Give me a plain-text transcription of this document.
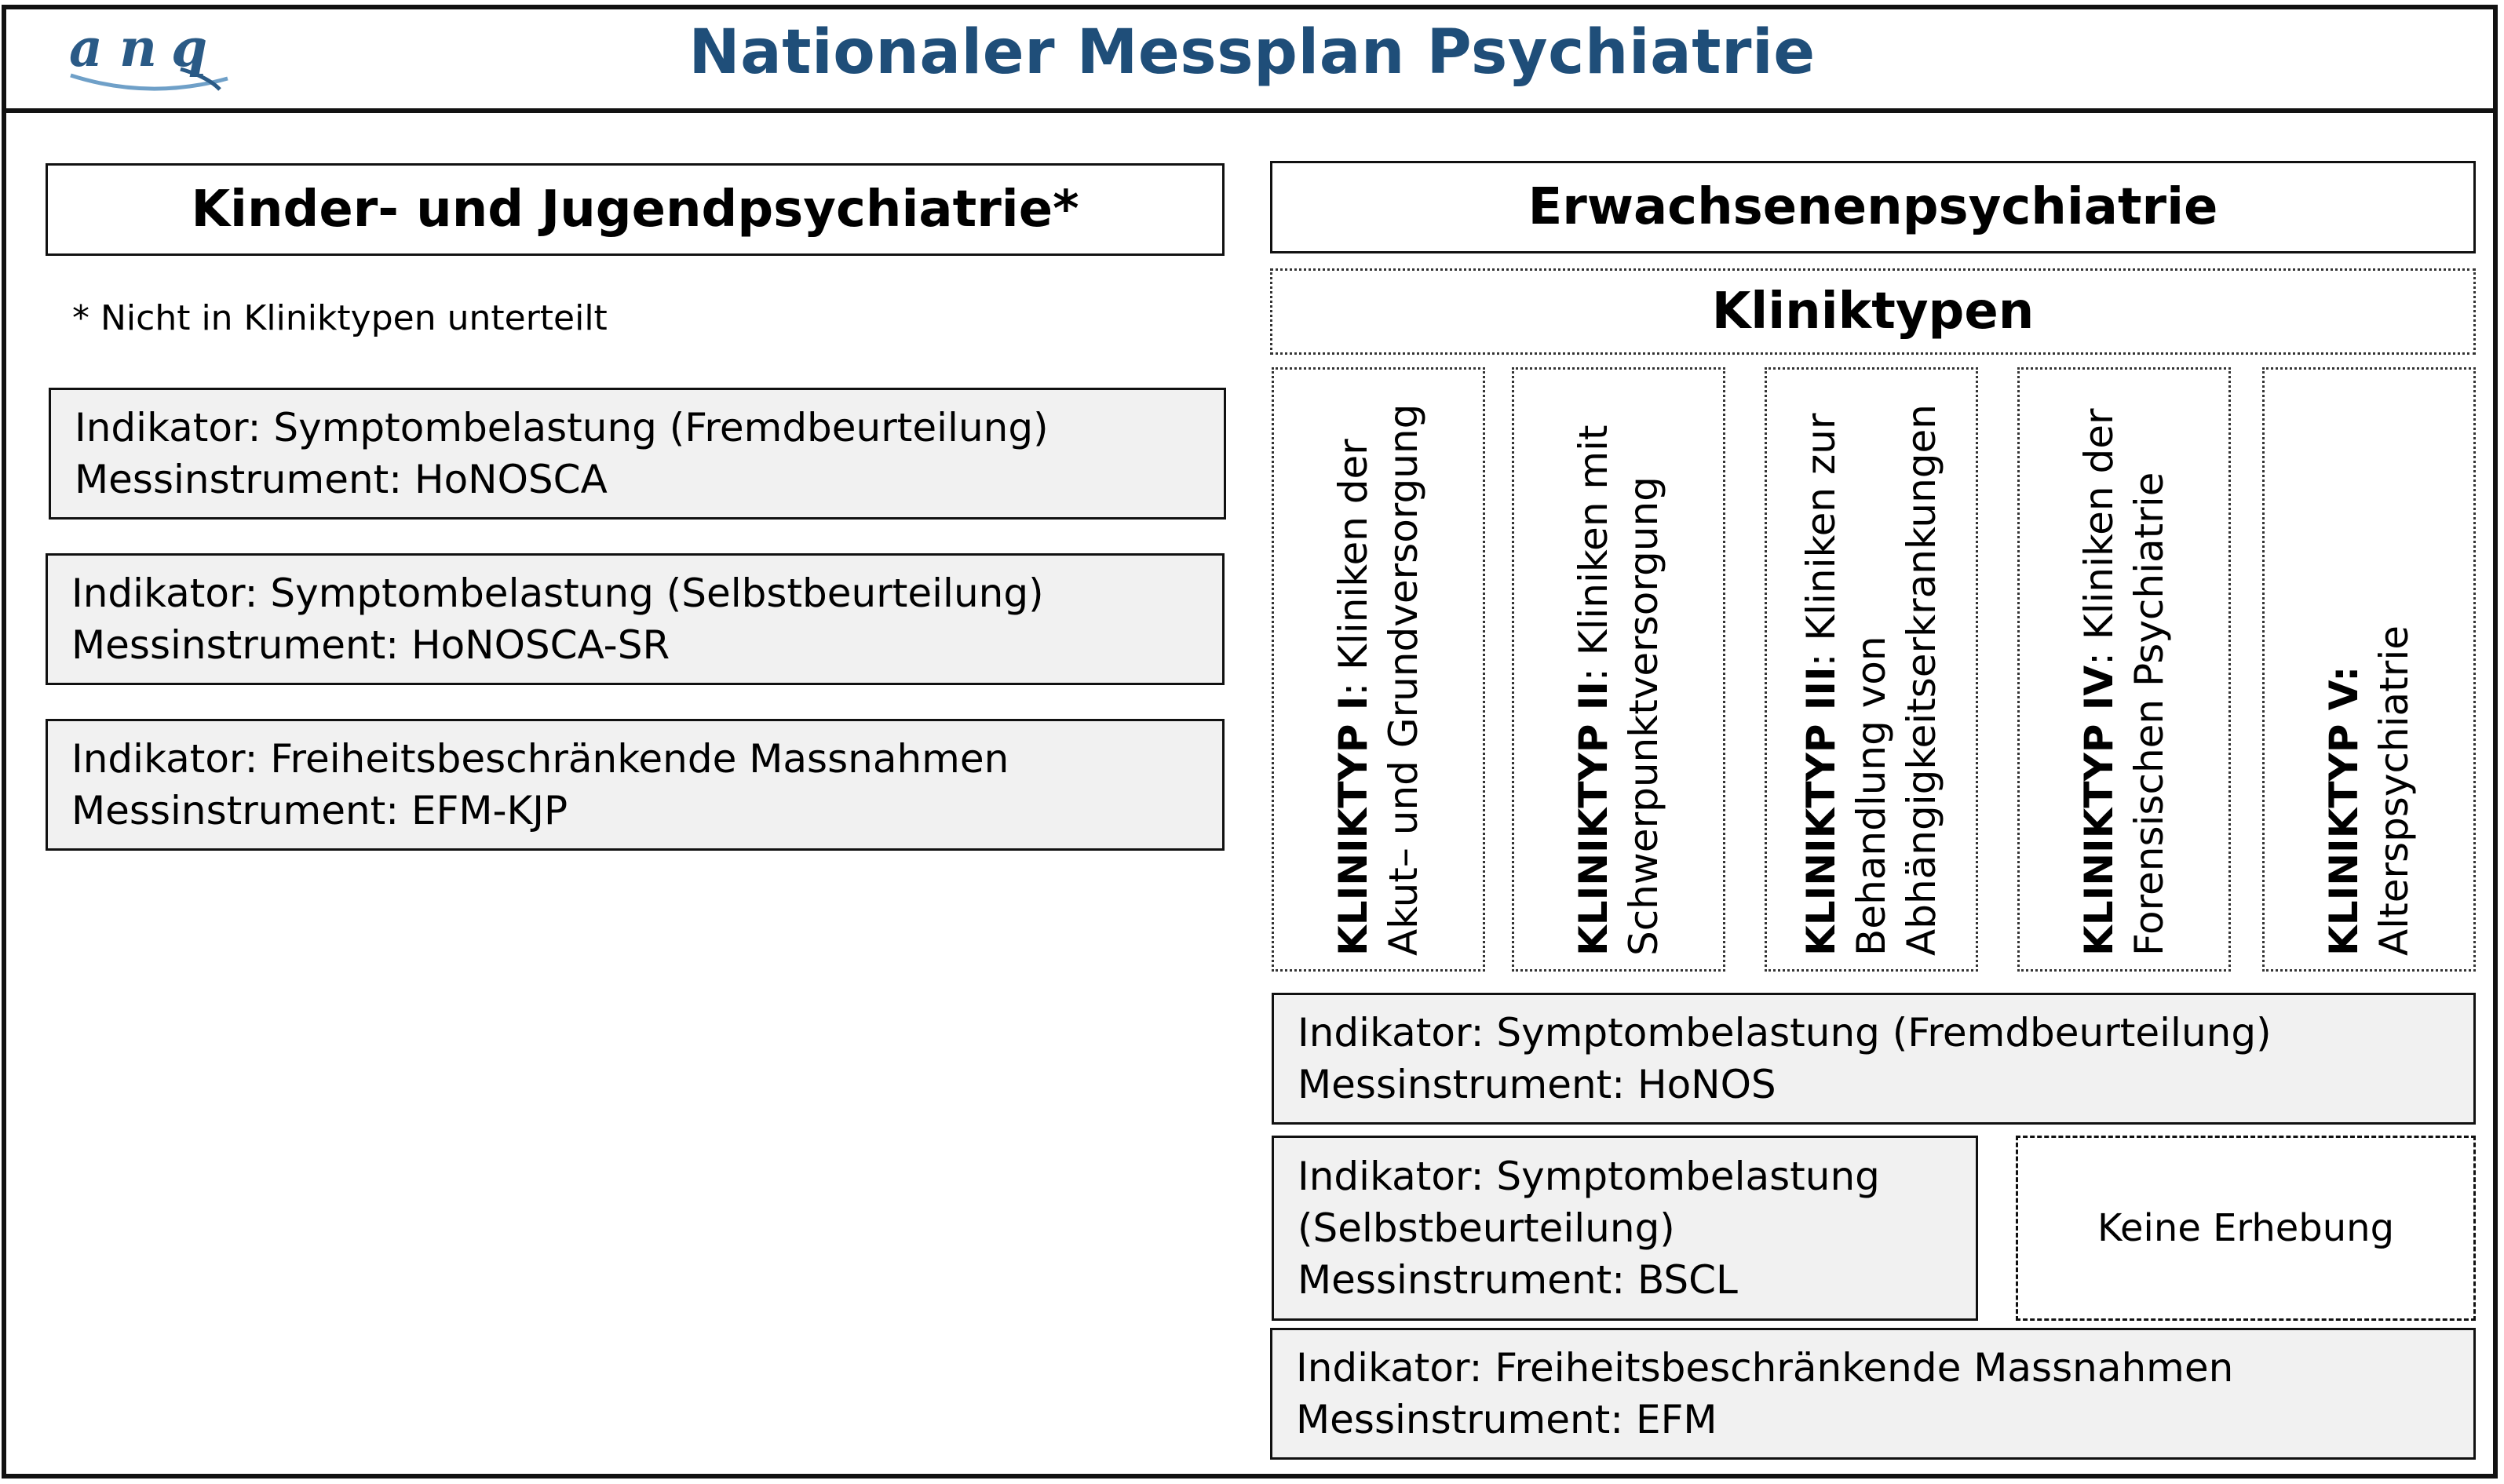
a n q	Nationaler Messplan Psychiatrie
Kinder- und Jugendpsychiatrie*
* Nicht in Kliniktypen unterteilt
Indikator: Symptombelastung (Fremdbeurteilung)
Messinstrument: HoNOSCA
Indikator: Symptombelastung (Selbstbeurteilung)
Messinstrument: HoNOSCA-SR
Indikator: Freiheitsbeschränkende Massnahmen
Messinstrument: EFM-KJP
Erwachsenenpsychiatrie
Kliniktypen
KLINIKTYP I: Kliniken der Akut– und Grundversorgung	KLINIKTYP II: Kliniken mit Schwerpunktversorgung	KLINIKTYP III: Kliniken zur
Behandlung von Abhängigkeitserkrankungen	KLINIKTYP IV: Kliniken der Forensischen Psychiatrie	KLINIKTYP V: Alterspsychiatrie
Indikator: Symptombelastung (Fremdbeurteilung)
Messinstrument: HoNOS
Indikator: Symptombelastung
(Selbstbeurteilung)
Messinstrument: BSCL
Keine Erhebung
Indikator: Freiheitsbeschränkende Massnahmen
Messinstrument: EFM
